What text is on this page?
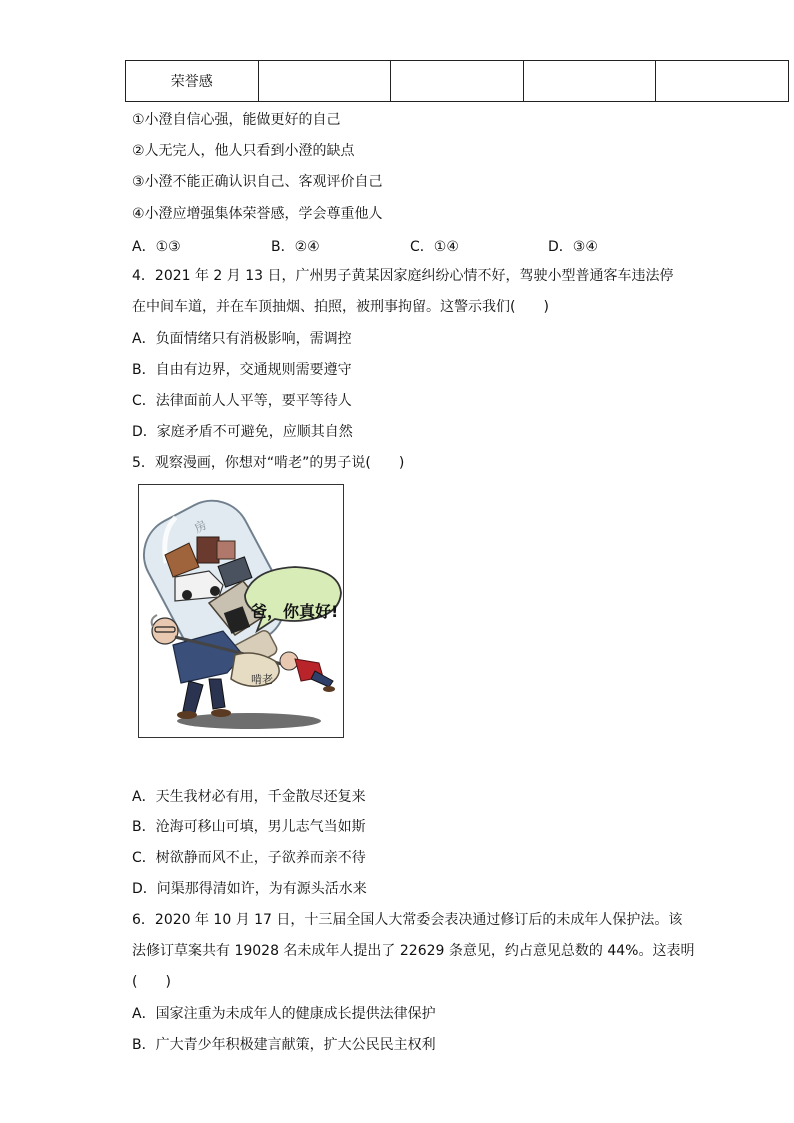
荣誉感				
①小澄自信心强，能做更好的自己
②人无完人，他人只看到小澄的缺点
③小澄不能正确认识自己、客观评价自己
④小澄应增强集体荣誉感，学会尊重他人
A．①③	B．②④	C．①④	D．③④
4．2021 年 2 月 13 日，广州男子黄某因家庭纠纷心情不好，驾驶小型普通客车违法停
在中间车道，并在车顶抽烟、拍照，被刑事拘留。这警示我们(　　)
A．负面情绪只有消极影响，需调控
B．自由有边界，交通规则需要遵守
C．法律面前人人平等，要平等待人
D．家庭矛盾不可避免，应顺其自然
5．观察漫画，你想对“啃老”的男子说(　　)
啃老
房
爸，你真好!
A．天生我材必有用，千金散尽还复来
B．沧海可移山可填，男儿志气当如斯
C．树欲静而风不止，子欲养而亲不待
D．问渠那得清如许，为有源头活水来
6．2020 年 10 月 17 日，十三届全国人大常委会表决通过修订后的未成年人保护法。该
法修订草案共有 19028 名未成年人提出了 22629 条意见，约占意见总数的 44%。这表明
(　　)
A．国家注重为未成年人的健康成长提供法律保护
B．广大青少年积极建言献策，扩大公民民主权利
